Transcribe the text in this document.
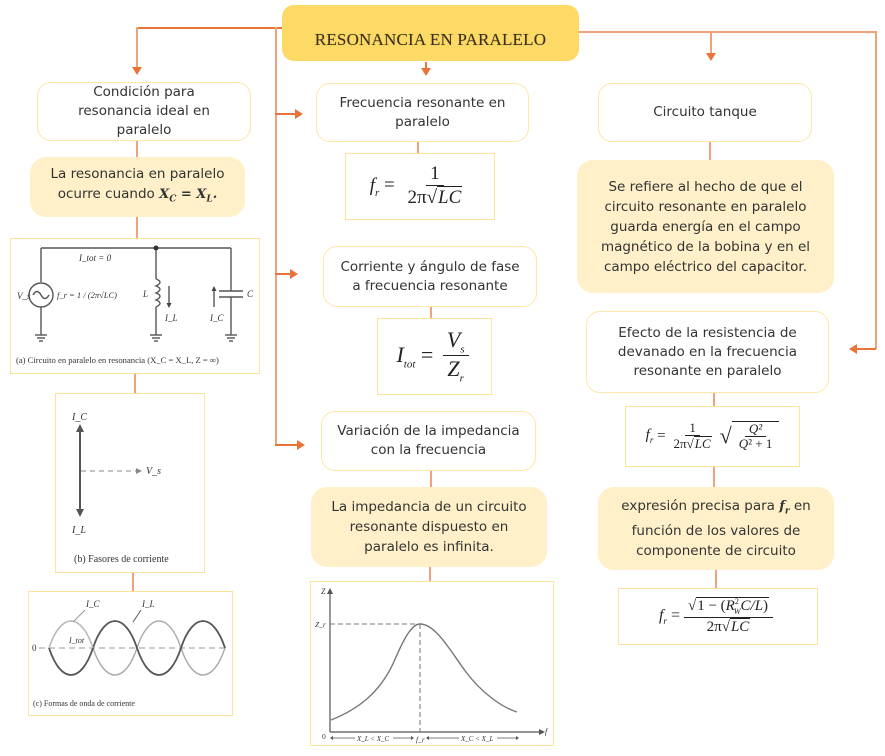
RESONANCIA EN PARALELO
Condición para resonancia ideal en paralelo
La resonancia en paralelo ocurre cuando $X_C = X_L$.
I_tot = 0
V_s	f_r = 1 / (2π√LC)	L	C
I_L	I_C
(a) Circuito en paralelo en resonancia (X_C = X_L, Z = ∞)
I_C
I_L
V_s
(b) Fasores de corriente
0
I_C	I_L
I_tot
(c) Formas de onda de corriente
Frecuencia resonante en paralelo
$f_r = \frac{1}{2\pi√LC}$
Corriente y ángulo de fase a frecuencia resonante
$I_{tot} = \frac{V_s}{Z_r}$
Variación de la impedancia con la frecuencia
La impedancia de un circuito resonante dispuesto en paralelo es infinita.
Z
f
Z_r
0	f_r
X_L < X_C	X_C < X_L
Circuito tanque
Se refiere al hecho de que el circuito resonante en paralelo guarda energía en el campo magnético de la bobina y en el campo eléctrico del capacitor.
Efecto de la resistencia de devanado en la frecuencia resonante en paralelo
$f_r = \frac{1}{2\pi√LC}$ √ $\frac{\text{Q²}}{\text{Q² + 1}}$
expresión precisa para $f_r$ en función de los valores de componente de circuito
$f_r = \frac{√1 - (R^2_WC/L)}{2\pi√LC}$
